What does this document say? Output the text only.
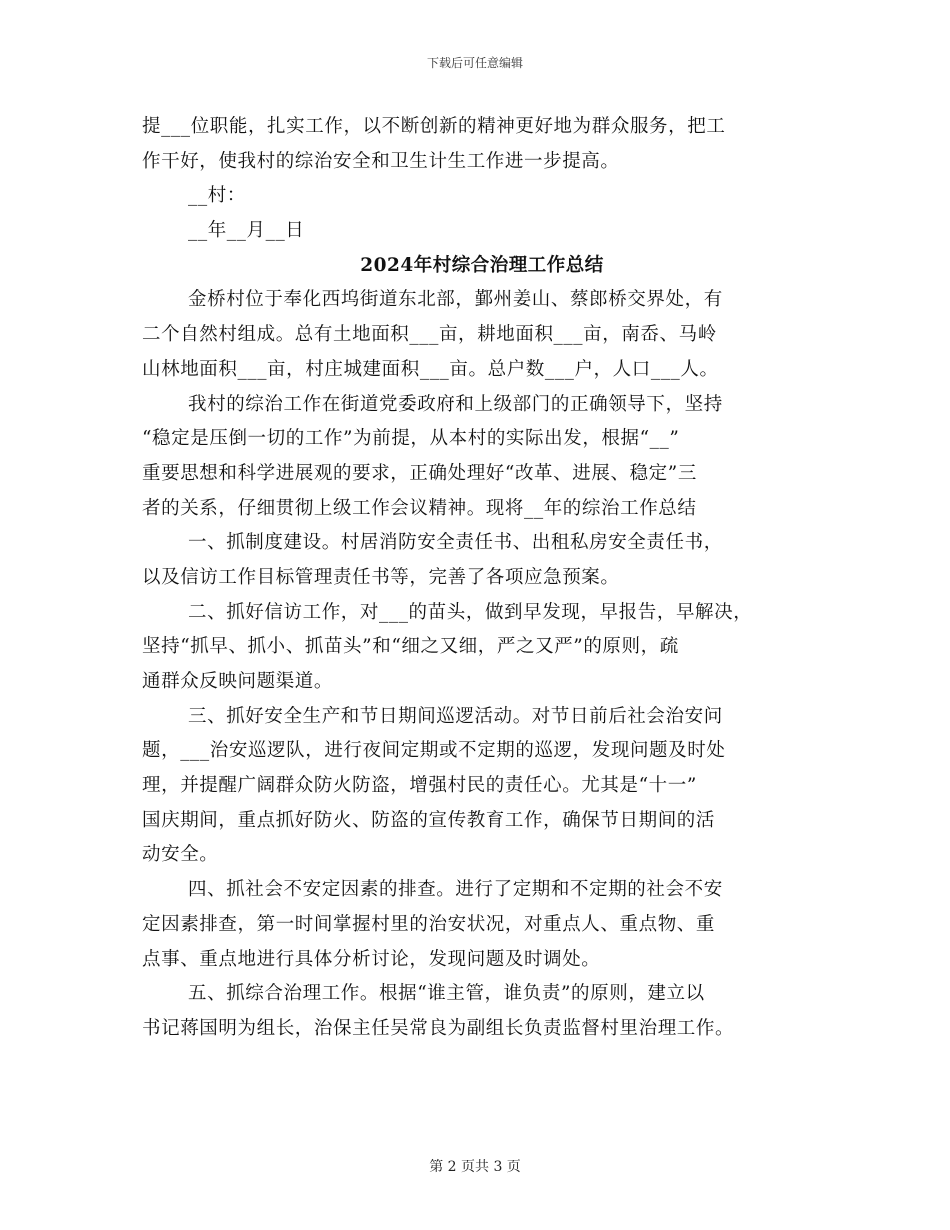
下载后可任意编辑
提___位职能，扎实工作，以不断创新的精神更好地为群众服务，把工
作干好，使我村的综治安全和卫生计生工作进一步提高。
__村：
__年__月__日
2024年村综合治理工作总结
金桥村位于奉化西坞街道东北部，鄞州姜山、蔡郎桥交界处，有
二个自然村组成。总有土地面积___亩，耕地面积___亩，南岙、马岭
山林地面积___亩，村庄城建面积___亩。总户数___户，人口___人。
我村的综治工作在街道党委政府和上级部门的正确领导下，坚持
“稳定是压倒一切的工作”为前提，从本村的实际出发，根据“__”
重要思想和科学进展观的要求，正确处理好“改革、进展、稳定”三
者的关系，仔细贯彻上级工作会议精神。现将__年的综治工作总结
一、抓制度建设。村居消防安全责任书、出租私房安全责任书，
以及信访工作目标管理责任书等，完善了各项应急预案。
二、抓好信访工作，对___的苗头，做到早发现，早报告，早解决，
坚持“抓早、抓小、抓苗头”和“细之又细，严之又严”的原则，疏
通群众反映问题渠道。
三、抓好安全生产和节日期间巡逻活动。对节日前后社会治安问
题，___治安巡逻队，进行夜间定期或不定期的巡逻，发现问题及时处
理，并提醒广阔群众防火防盗，增强村民的责任心。尤其是“十一”
国庆期间，重点抓好防火、防盗的宣传教育工作，确保节日期间的活
动安全。
四、抓社会不安定因素的排查。进行了定期和不定期的社会不安
定因素排查，第一时间掌握村里的治安状况，对重点人、重点物、重
点事、重点地进行具体分析讨论，发现问题及时调处。
五、抓综合治理工作。根据“谁主管，谁负责”的原则，建立以
书记蒋国明为组长，治保主任吴常良为副组长负责监督村里治理工作。
第 2 页共 3 页
